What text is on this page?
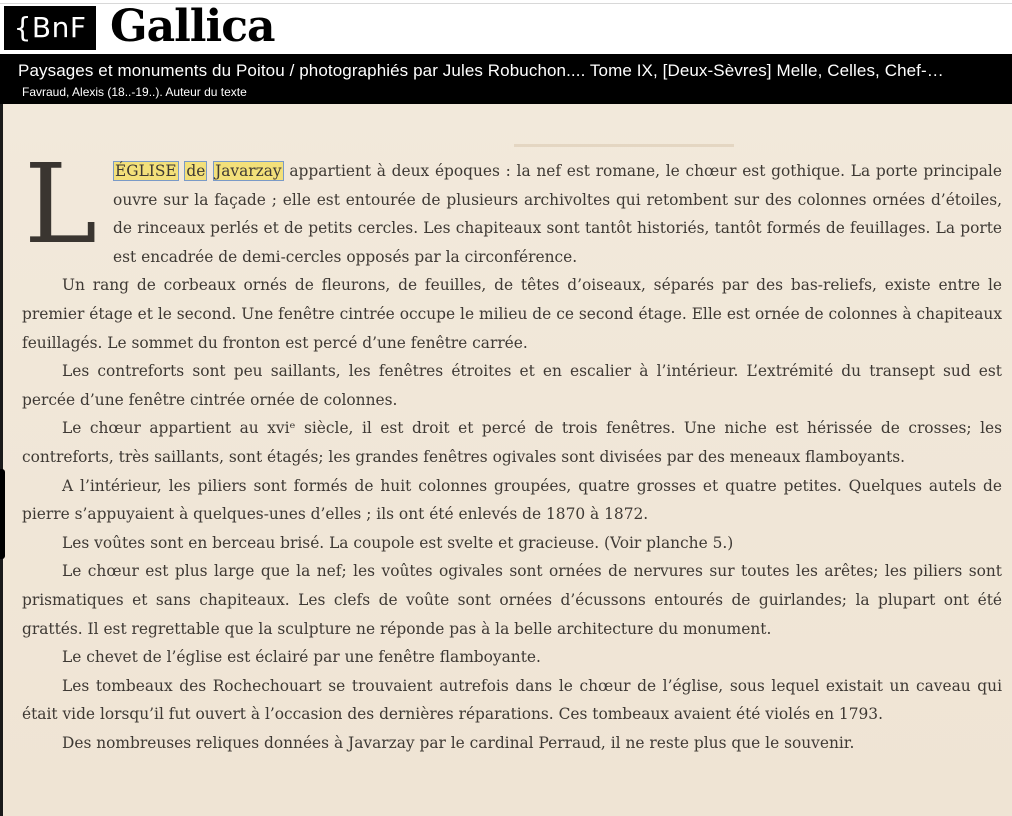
{BnF Gallica
Paysages et monuments du Poitou / photographiés par Jules Robuchon.... Tome IX, [Deux-Sèvres] Melle, Celles, Chef-…
Favraud, Alexis (18..-19..). Auteur du texte

L ÉGLISE de Javarzay appartient à deux époques : la nef est romane, le chœur est gothique. La porte principale ouvre sur la façade ; elle est entourée de plusieurs archivoltes qui retombent sur des colonnes ornées d’étoiles, de rinceaux perlés et de petits cercles. Les chapiteaux sont tantôt historiés, tantôt formés de feuillages. La porte est encadrée de demi-cercles opposés par la circonférence.

Un rang de corbeaux ornés de fleurons, de feuilles, de têtes d’oiseaux, séparés par des bas-reliefs, existe entre le premier étage et le second. Une fenêtre cintrée occupe le milieu de ce second étage. Elle est ornée de colonnes à chapiteaux feuillagés. Le sommet du fronton est percé d’une fenêtre carrée.

Les contreforts sont peu saillants, les fenêtres étroites et en escalier à l’intérieur. L’extrémité du transept sud est percée d’une fenêtre cintrée ornée de colonnes.

Le chœur appartient au xviᵉ siècle, il est droit et percé de trois fenêtres. Une niche est hérissée de crosses; les contreforts, très saillants, sont étagés; les grandes fenêtres ogivales sont divisées par des meneaux flamboyants.

A l’intérieur, les piliers sont formés de huit colonnes groupées, quatre grosses et quatre petites. Quelques autels de pierre s’appuyaient à quelques-unes d’elles ; ils ont été enlevés de 1870 à 1872.

Les voûtes sont en berceau brisé. La coupole est svelte et gracieuse. (Voir planche 5.)

Le chœur est plus large que la nef; les voûtes ogivales sont ornées de nervures sur toutes les arêtes; les piliers sont prismatiques et sans chapiteaux. Les clefs de voûte sont ornées d’écussons entourés de guirlandes; la plupart ont été grattés. Il est regrettable que la sculpture ne réponde pas à la belle architecture du monument.

Le chevet de l’église est éclairé par une fenêtre flamboyante.

Les tombeaux des Rochechouart se trouvaient autrefois dans le chœur de l’église, sous lequel existait un caveau qui était vide lorsqu’il fut ouvert à l’occasion des dernières réparations. Ces tombeaux avaient été violés en 1793.

Des nombreuses reliques données à Javarzay par le cardinal Perraud, il ne reste plus que le souvenir.
